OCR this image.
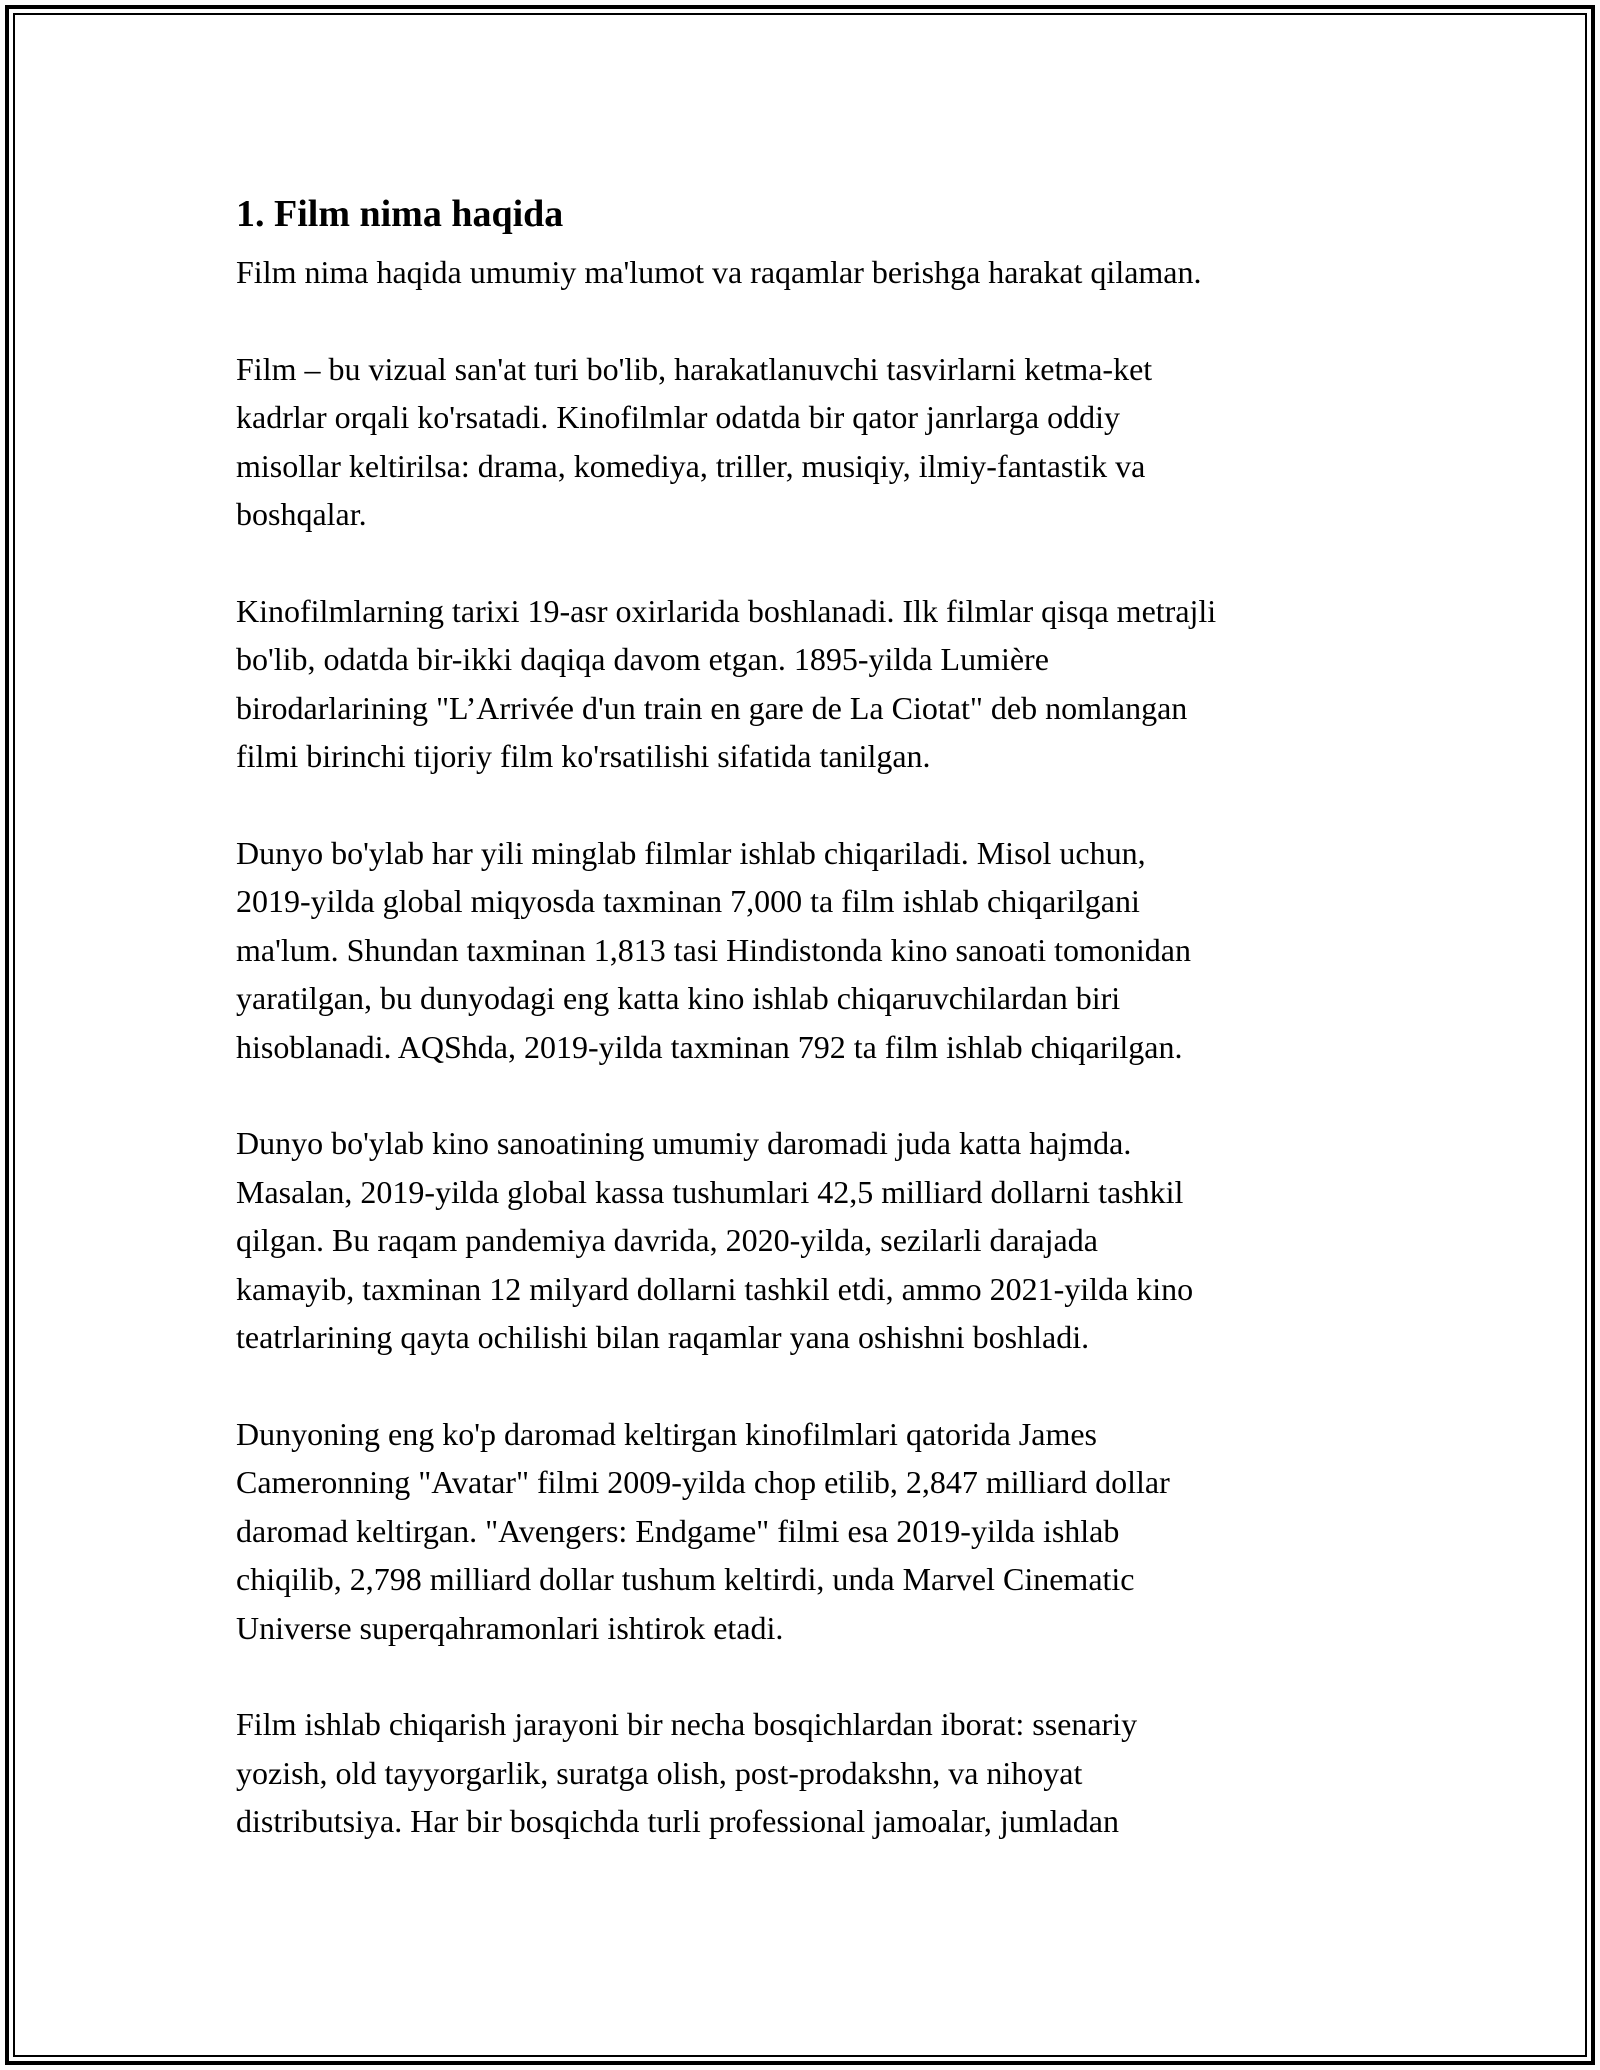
1. Film nima haqida

Film nima haqida umumiy ma'lumot va raqamlar berishga harakat qilaman.

Film – bu vizual san'at turi bo'lib, harakatlanuvchi tasvirlarni ketma-ket
kadrlar orqali ko'rsatadi. Kinofilmlar odatda bir qator janrlarga oddiy
misollar keltirilsa: drama, komediya, triller, musiqiy, ilmiy-fantastik va
boshqalar.

Kinofilmlarning tarixi 19-asr oxirlarida boshlanadi. Ilk filmlar qisqa metrajli
bo'lib, odatda bir-ikki daqiqa davom etgan. 1895-yilda Lumière
birodarlarining "L’Arrivée d'un train en gare de La Ciotat" deb nomlangan
filmi birinchi tijoriy film ko'rsatilishi sifatida tanilgan.

Dunyo bo'ylab har yili minglab filmlar ishlab chiqariladi. Misol uchun,
2019-yilda global miqyosda taxminan 7,000 ta film ishlab chiqarilgani
ma'lum. Shundan taxminan 1,813 tasi Hindistonda kino sanoati tomonidan
yaratilgan, bu dunyodagi eng katta kino ishlab chiqaruvchilardan biri
hisoblanadi. AQShda, 2019-yilda taxminan 792 ta film ishlab chiqarilgan.

Dunyo bo'ylab kino sanoatining umumiy daromadi juda katta hajmda.
Masalan, 2019-yilda global kassa tushumlari 42,5 milliard dollarni tashkil
qilgan. Bu raqam pandemiya davrida, 2020-yilda, sezilarli darajada
kamayib, taxminan 12 milyard dollarni tashkil etdi, ammo 2021-yilda kino
teatrlarining qayta ochilishi bilan raqamlar yana oshishni boshladi.

Dunyoning eng ko'p daromad keltirgan kinofilmlari qatorida James
Cameronning "Avatar" filmi 2009-yilda chop etilib, 2,847 milliard dollar
daromad keltirgan. "Avengers: Endgame" filmi esa 2019-yilda ishlab
chiqilib, 2,798 milliard dollar tushum keltirdi, unda Marvel Cinematic
Universe superqahramonlari ishtirok etadi.

Film ishlab chiqarish jarayoni bir necha bosqichlardan iborat: ssenariy
yozish, old tayyorgarlik, suratga olish, post-prodakshn, va nihoyat
distributsiya. Har bir bosqichda turli professional jamoalar, jumladan
